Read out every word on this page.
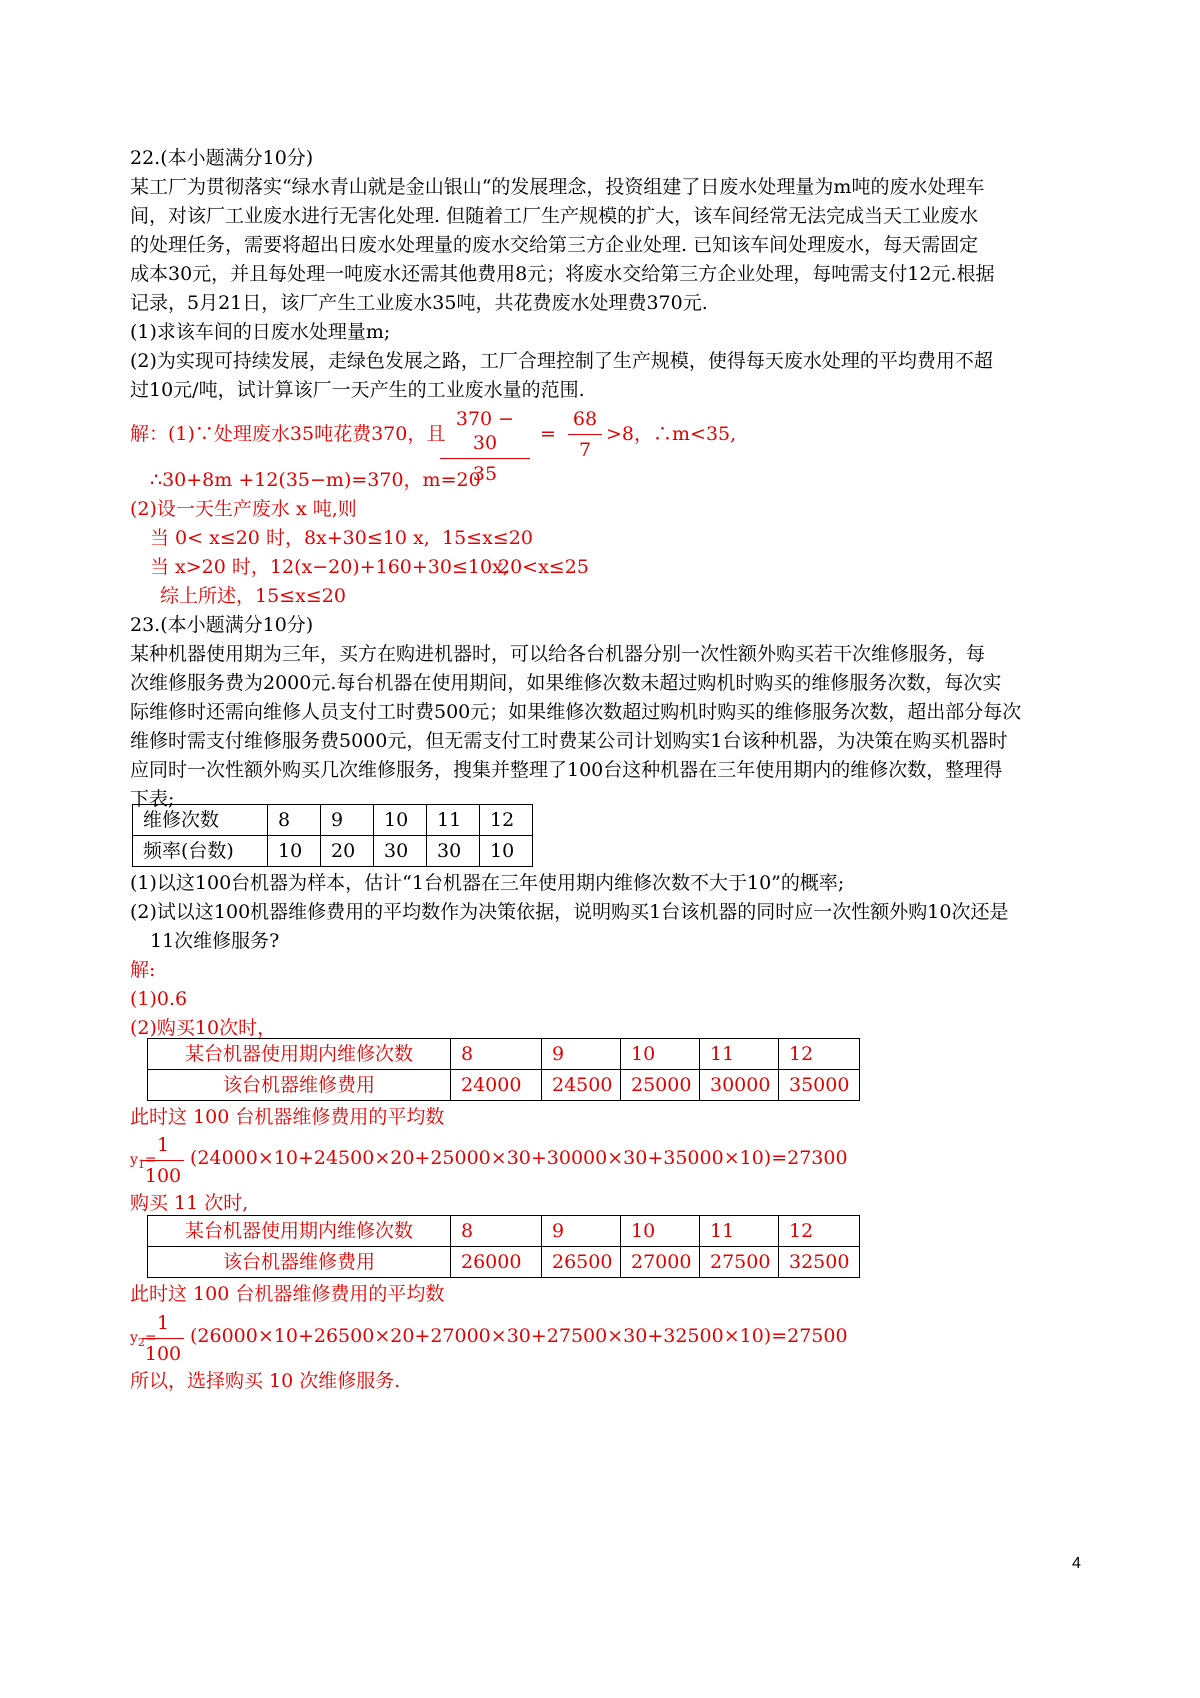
22.(本小题满分10分)
某工厂为贯彻落实“绿水青山就是金山银山“的发展理念，投资组建了日废水处理量为m吨的废水处理车
间，对该厂工业废水进行无害化处理. 但随着工厂生产规模的扩大，该车间经常无法完成当天工业废水
的处理任务，需要将超出日废水处理量的废水交给第三方企业处理. 已知该车间处理废水，每天需固定
成本30元，并且每处理一吨废水还需其他费用8元；将废水交给第三方企业处理，每吨需支付12元.根据
记录，5月21日，该厂产生工业废水35吨，共花费废水处理费370元.
(1)求该车间的日废水处理量m;
(2)为实现可持续发展，走绿色发展之路，工厂合理控制了生产规模，使得每天废水处理的平均费用不超
过10元/吨，试计算该厂一天产生的工业废水量的范围.
解：(1)∵处理废水35吨花费370，且
$\frac{370 - 30}{35} = \frac{68}{7} >8$，∴m<35,
∴30+8m +12(35−m)=370，m=20
(2)设一天生产废水 x 吨,则
当 0< x≤20 时，8x+30≤10 x, 15≤x≤20
当 x>20 时，12(x−20)+160+30≤10x,
20<x≤25
综上所述，15≤x≤20
23.(本小题满分10分)
某种机器使用期为三年，买方在购进机器时，可以给各台机器分别一次性额外购买若干次维修服务，每
次维修服务费为2000元.每台机器在使用期间，如果维修次数未超过购机时购买的维修服务次数，每次实
际维修时还需向维修人员支付工时费500元；如果维修次数超过购机时购买的维修服务次数，超出部分每次
维修时需支付维修服务费5000元，但无需支付工时费某公司计划购实1台该种机器，为决策在购买机器时
应同时一次性额外购买几次维修服务，搜集并整理了100台这种机器在三年使用期内的维修次数，整理得
下表;
维修次数	8	9	10	11	12
频率(台数)	10	20	30	30	10
(1)以这100台机器为样本，估计“1台机器在三年使用期内维修次数不大于10”的概率;
(2)试以这100机器维修费用的平均数作为决策依据，说明购买1台该机器的同时应一次性额外购10次还是
11次维修服务?
解:
(1)0.6
(2)购买10次时，
某台机器使用期内维修次数	8	9	10	11	12
该台机器维修费用	24000	24500	25000	30000	35000
此时这 100 台机器维修费用的平均数
$y_1=$
$\frac{1}{100} (24000\times 10+24500\times 20+25000\times 30+30000\times 30+35000\times 10)=27300$
购买 11 次时,
某台机器使用期内维修次数	8	9	10	11	12
该台机器维修费用	26000	26500	27000	27500	32500
此时这 100 台机器维修费用的平均数
$y_2=$
$\frac{1}{100} (26000\times 10+26500\times 20+27000\times 30+27500\times 30+32500\times 10)=27500$
所以，选择购买 10 次维修服务.
4
